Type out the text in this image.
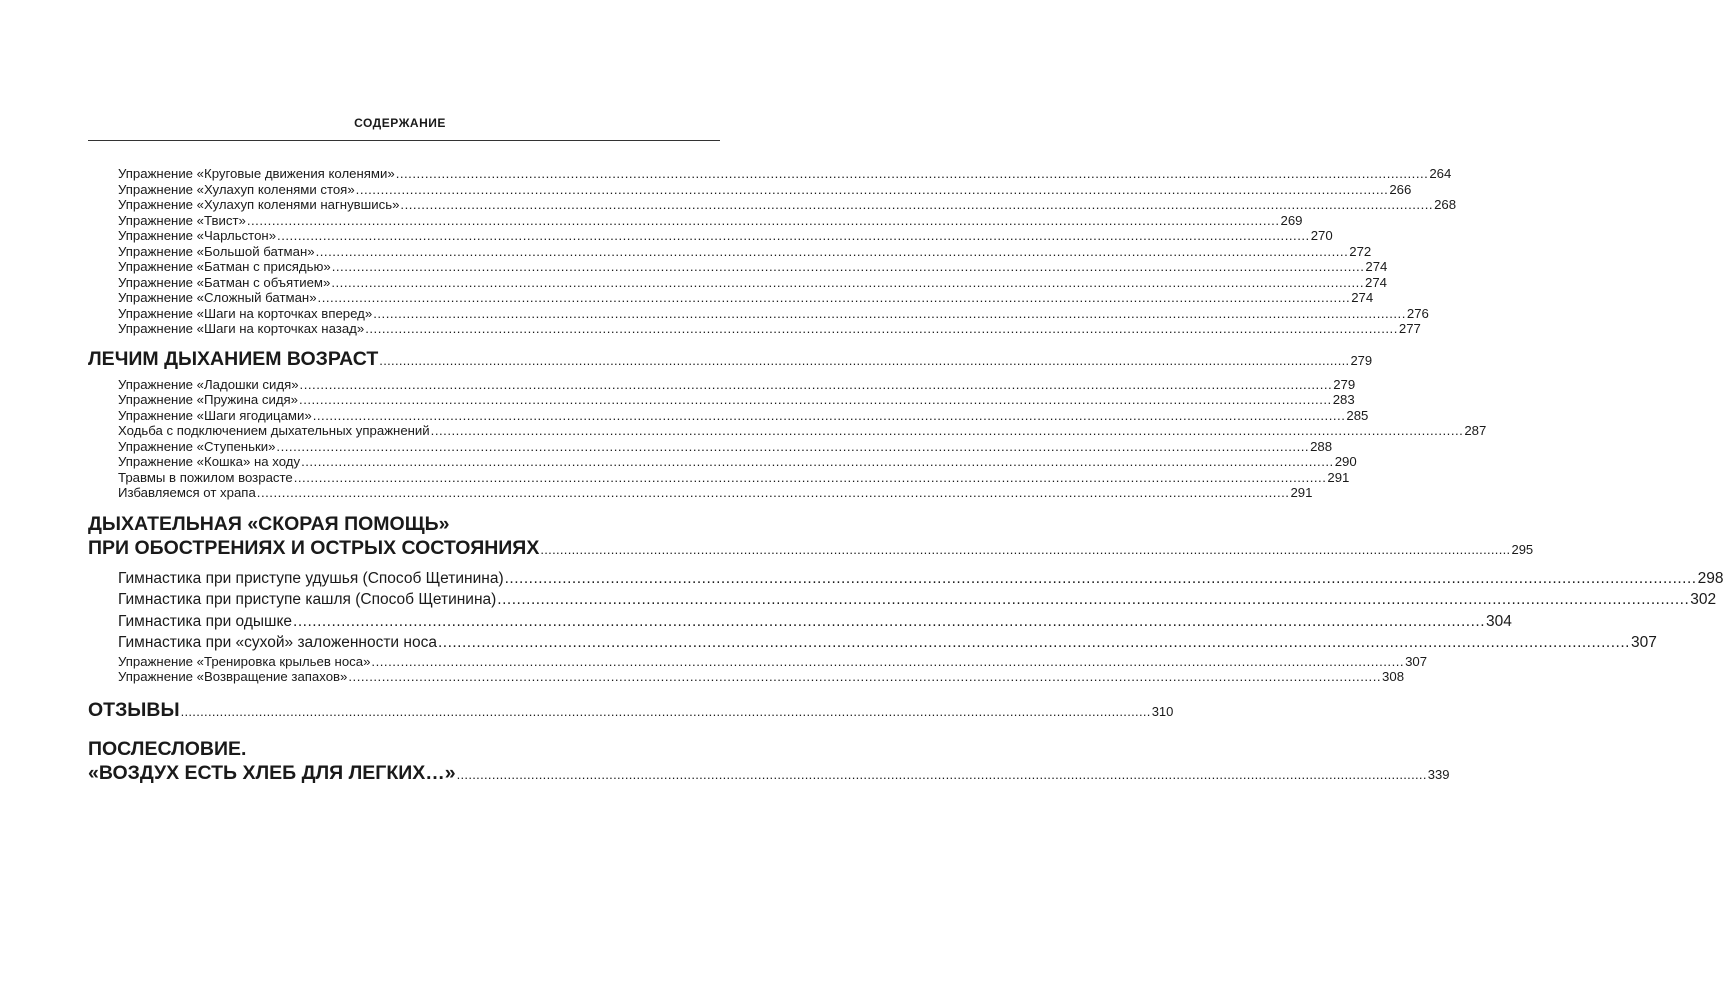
СОДЕРЖАНИЕ
Упражнение «Круговые движения коленями» .....	264
Упражнение «Хулахуп коленями стоя» .....	266
Упражнение «Хулахуп коленями нагнувшись» .....	268
Упражнение «Твист» .....	269
Упражнение «Чарльстон» .....	270
Упражнение «Большой батман» .....	272
Упражнение «Батман с присядью» .....	274
Упражнение «Батман с объятием» .....	274
Упражнение «Сложный батман» .....	274
Упражнение «Шаги на корточках вперед» .....	276
Упражнение «Шаги на корточках назад» .....	277
ЛЕЧИМ ДЫХАНИЕМ ВОЗРАСТ .....	279
Упражнение «Ладошки сидя» .....	279
Упражнение «Пружина сидя» .....	283
Упражнение «Шаги ягодицами» .....	285
Ходьба с подключением дыхательных упражнений .....	287
Упражнение «Ступеньки» .....	288
Упражнение «Кошка» на ходу .....	290
Травмы в пожилом возрасте .....	291
Избавляемся от храпа .....	291
ДЫХАТЕЛЬНАЯ «СКОРАЯ ПОМОЩЬ»
ПРИ ОБОСТРЕНИЯХ И ОСТРЫХ СОСТОЯНИЯХ .....	295
Гимнастика при приступе удушья (Способ Щетинина) .....	298
Гимнастика при приступе кашля (Способ Щетинина) .....	302
Гимнастика при одышке .....	304
Гимнастика при «сухой» заложенности носа .....	307
Упражнение «Тренировка крыльев носа» .....	307
Упражнение «Возвращение запахов» .....	308
ОТЗЫВЫ .....	310
ПОСЛЕСЛОВИЕ.
«ВОЗДУХ ЕСТЬ ХЛЕБ ДЛЯ ЛЕГКИХ…» .....	339
